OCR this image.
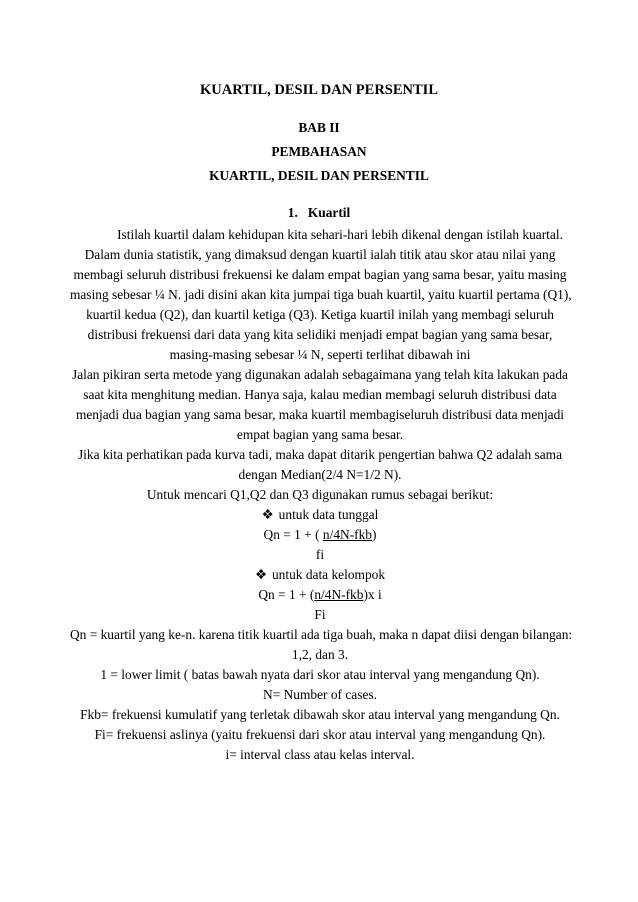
KUARTIL, DESIL DAN PERSENTIL
BAB II
PEMBAHASAN
KUARTIL, DESIL DAN PERSENTIL
1. Kuartil

Istilah kuartil dalam kehidupan kita sehari-hari lebih dikenal dengan istilah kuartal.

Dalam dunia statistik, yang dimaksud dengan kuartil ialah titik atau skor atau nilai yang

membagi seluruh distribusi frekuensi ke dalam empat bagian yang sama besar, yaitu masing

masing sebesar ¼ N. jadi disini akan kita jumpai tiga buah kuartil, yaitu kuartil pertama (Q1),

kuartil kedua (Q2), dan kuartil ketiga (Q3). Ketiga kuartil inilah yang membagi seluruh

distribusi frekuensi dari data yang kita selidiki menjadi empat bagian yang sama besar,

masing-masing sebesar ¼ N, seperti terlihat dibawah ini

Jalan pikiran serta metode yang digunakan adalah sebagaimana yang telah kita lakukan pada

saat kita menghitung median. Hanya saja, kalau median membagi seluruh distribusi data

menjadi dua bagian yang sama besar, maka kuartil membagiseluruh distribusi data menjadi

empat bagian yang sama besar.

Jika kita perhatikan pada kurva tadi, maka dapat ditarik pengertian bahwa Q2 adalah sama

dengan Median(2/4 N=1/2 N).

Untuk mencari Q1,Q2 dan Q3 digunakan rumus sebagai berikut:

❖ untuk data tunggal

Qn = 1 + ( n/4N-fkb)

fi

❖ untuk data kelompok

Qn = 1 + (n/4N-fkb)x i

Fi

Qn = kuartil yang ke-n. karena titik kuartil ada tiga buah, maka n dapat diisi dengan bilangan:

1,2, dan 3.

1 = lower limit ( batas bawah nyata dari skor atau interval yang mengandung Qn).

N= Number of cases.

Fkb= frekuensi kumulatif yang terletak dibawah skor atau interval yang mengandung Qn.

Fi= frekuensi aslinya (yaitu frekuensi dari skor atau interval yang mengandung Qn).

i= interval class atau kelas interval.
